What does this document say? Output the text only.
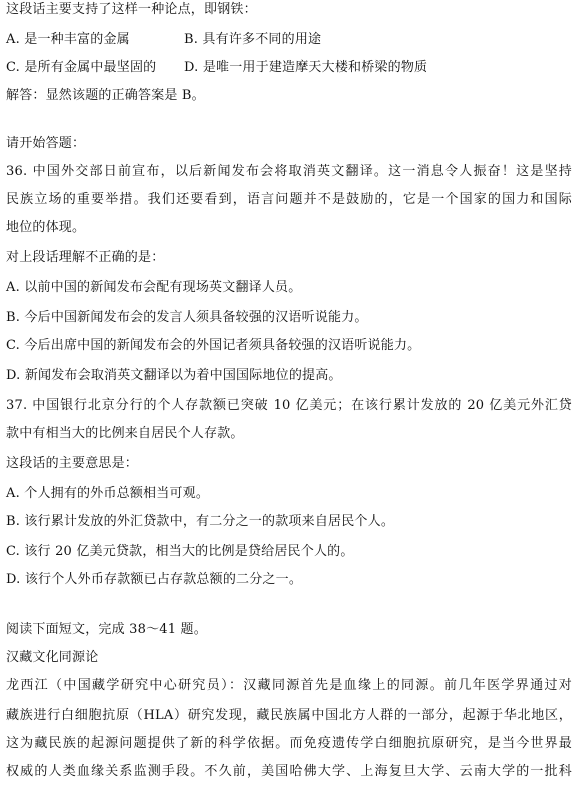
这段话主要支持了这样一种论点，即钢铁：
A. 是一种丰富的金属	B. 具有许多不同的用途
C. 是所有金属中最坚固的	D. 是唯一用于建造摩天大楼和桥梁的物质
解答：显然该题的正确答案是 B。
请开始答题：
36. 中国外交部日前宣布，以后新闻发布会将取消英文翻译。这一消息令人振奋！这是坚持
民族立场的重要举措。我们还要看到，语言问题并不是鼓励的，它是一个国家的国力和国际
地位的体现。
对上段话理解不正确的是：
A. 以前中国的新闻发布会配有现场英文翻译人员。
B. 今后中国新闻发布会的发言人须具备较强的汉语听说能力。
C. 今后出席中国的新闻发布会的外国记者须具备较强的汉语听说能力。
D. 新闻发布会取消英文翻译以为着中国国际地位的提高。
37. 中国银行北京分行的个人存款额已突破 10 亿美元；在该行累计发放的 20 亿美元外汇贷
款中有相当大的比例来自居民个人存款。
这段话的主要意思是：
A. 个人拥有的外币总额相当可观。
B. 该行累计发放的外汇贷款中，有二分之一的款项来自居民个人。
C. 该行 20 亿美元贷款，相当大的比例是贷给居民个人的。
D. 该行个人外币存款额已占存款总额的二分之一。
阅读下面短文，完成 38～41 题。
汉藏文化同源论
龙西江（中国藏学研究中心研究员）：汉藏同源首先是血缘上的同源。前几年医学界通过对
藏族进行白细胞抗原（HLA）研究发现，藏民族属中国北方人群的一部分，起源于华北地区，
这为藏民族的起源问题提供了新的科学依据。而免疫遗传学白细胞抗原研究，是当今世界最
权威的人类血缘关系监测手段。不久前，美国哈佛大学、上海复旦大学、云南大学的一批科
